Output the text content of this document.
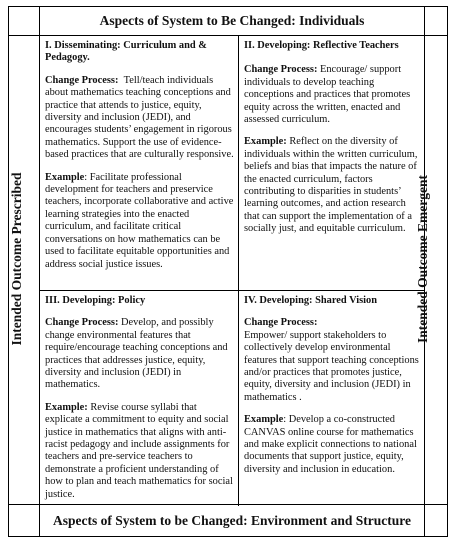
Aspects of System to Be Changed: Individuals
Aspects of System to be Changed: Environment and Structure
Intended Outcome Prescribed	Intended Outcome Emergent
I. Disseminating: Curriculum and & Pedagogy.

Change Process: Tell/teach individuals about mathematics teaching conceptions and practice that attends to justice, equity, diversity and inclusion (JEDI), and encourages students’ engagement in rigorous mathematics. Support the use of evidence-based practices that are culturally responsive.

Example: Facilitate professional development for teachers and preservice teachers, incorporate collaborative and active learning strategies into the enacted curriculum, and facilitate critical conversations on how mathematics can be used to facilitate equitable opportunities and address social justice issues.

II. Developing: Reflective Teachers

Change Process: Encourage/ support individuals to develop teaching conceptions and practices that promotes equity across the written, enacted and assessed curriculum.

Example: Reflect on the diversity of individuals within the written curriculum, beliefs and bias that impacts the nature of the enacted curriculum, factors contributing to disparities in students’ learning outcomes, and action research that can support the implementation of a socially just, and equitable curriculum.

III. Developing: Policy

Change Process: Develop, and possibly change environmental features that require/encourage teaching conceptions and practices that addresses justice, equity, diversity and inclusion (JEDI) in mathematics.

Example: Revise course syllabi that explicate a commitment to equity and social justice in mathematics that aligns with anti-racist pedagogy and include assignments for teachers and pre-service teachers to demonstrate a proficient understanding of how to plan and teach mathematics for social justice.

IV. Developing: Shared Vision

Change Process:
Empower/ support stakeholders to collectively develop environmental features that support teaching conceptions and/or practices that promotes justice, equity, diversity and inclusion (JEDI) in mathematics .

Example: Develop a co-constructed CANVAS online course for mathematics and make explicit connections to national documents that support justice, equity, diversity and inclusion in education.
